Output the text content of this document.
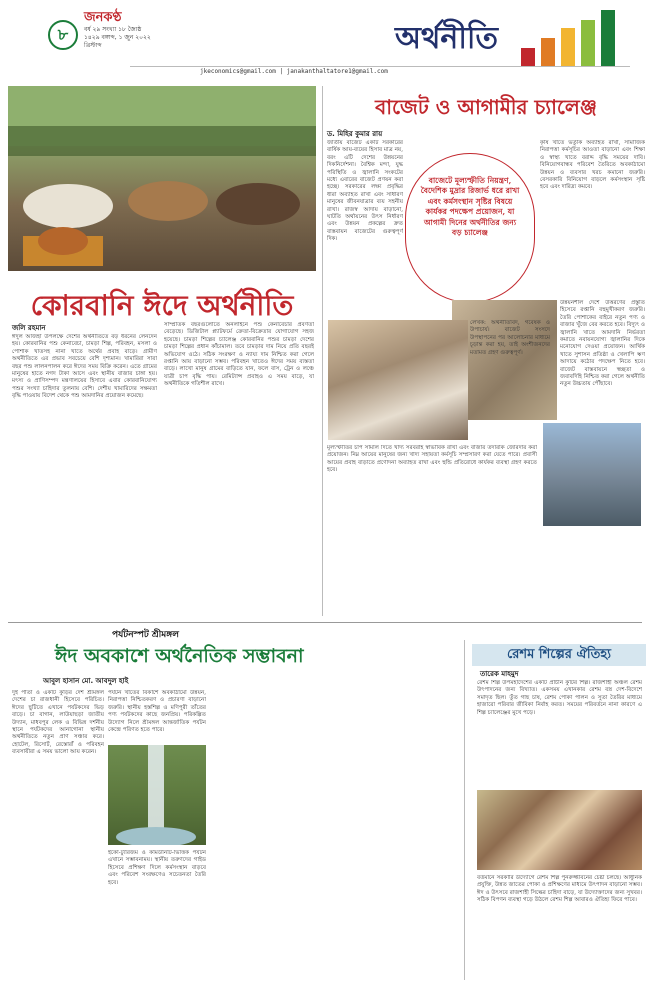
৮
জনকণ্ঠ
বর্ষ ২৯ সংখ্যা ১৮ জ্যৈষ্ঠ ১৪২৯ বঙ্গাব্দ, ১ জুন ২০২২ খ্রিস্টাব্দ	অর্থনীতি
jkeconomics@gmail.com | janakanthaltatore1@gmail.com
কোরবানি ঈদে অর্থনীতি
জলি রহমান
ঈদুল আজহা উপলক্ষে দেশের অর্থনীতিতে বড় ধরনের লেনদেন হয়। কোরবানির পশু কেনাবেচা, চামড়া শিল্প, পরিবহন, মসলা ও পোশাক খাতসহ নানা খাতে অর্থের প্রবাহ বাড়ে। গ্রামীণ অর্থনীতিতে এর প্রভাব সবচেয়ে বেশি দৃশ্যমান। খামারিরা সারা বছর পশু লালনপালন করে ঈদের সময় বিক্রি করেন। এতে গ্রামের মানুষের হাতে নগদ টাকা আসে এবং স্থানীয় বাজার চাঙ্গা হয়। মৎস্য ও প্রাণিসম্পদ মন্ত্রণালয়ের হিসাবে এবার কোরবানিযোগ্য পশুর সংখ্যা চাহিদার তুলনায় বেশি। দেশীয় খামারিদের সক্ষমতা বৃদ্ধি পাওয়ায় বিদেশ থেকে পশু আমদানির প্রয়োজন কমেছে।
সাম্প্রতিক বছরগুলোতে অনলাইনে পশু কেনাবেচার প্রবণতা বেড়েছে। ডিজিটাল প্ল্যাটফর্মে ক্রেতা-বিক্রেতার যোগাযোগ সহজ হয়েছে। চামড়া শিল্পের চ্যালেঞ্জ কোরবানির পশুর চামড়া দেশের চামড়া শিল্পের প্রধান কাঁচামাল। তবে চামড়ার দাম নিয়ে প্রতি বছরই অভিযোগ ওঠে। সঠিক সংরক্ষণ ও ন্যায্য দাম নিশ্চিত করা গেলে রপ্তানি আয় বাড়ানো সম্ভব। পরিবহন খাতেও ঈদের সময় ব্যস্ততা বাড়ে। লাখো মানুষ গ্রামের বাড়িতে যান, ফলে বাস, ট্রেন ও লঞ্চে যাত্রী চাপ বৃদ্ধি পায়। রেমিট্যান্স প্রবাহও এ সময় বাড়ে, যা অর্থনীতিকে গতিশীল রাখে।
বাজেট ও আগামীর চ্যালেঞ্জ
ড. মিহির কুমার রায়
জাতীয় বাজেট একটি সরকারের বার্ষিক আয়-ব্যয়ের হিসাব মাত্র নয়, বরং এটি দেশের উন্নয়নের দিকনির্দেশনা। বৈশ্বিক মন্দা, যুদ্ধ পরিস্থিতি ও জ্বালানি সংকটের মধ্যে এবারের বাজেট প্রণয়ন করা হচ্ছে। সরকারের লক্ষ্য প্রবৃদ্ধির ধারা অব্যাহত রাখা এবং সাধারণ মানুষের জীবনযাত্রার ব্যয় সহনীয় রাখা। রাজস্ব আদায় বাড়ানো, ঘাটতি অর্থায়নের উৎস নির্ধারণ এবং উন্নয়ন প্রকল্পের দ্রুত বাস্তবায়ন বাজেটের গুরুত্বপূর্ণ দিক।
বাজেটে মূল্যস্ফীতি নিয়ন্ত্রণ, বৈদেশিক মুদ্রার রিজার্ভ ধরে রাখা এবং কর্মসংস্থান সৃষ্টির বিষয়ে কার্যকর পদক্ষেপ প্রয়োজন, যা আগামী দিনের অর্থনীতির জন্য বড় চ্যালেঞ্জ
কৃষি খাতে ভর্তুকি অব্যাহত রাখা, সামাজিক নিরাপত্তা কর্মসূচির আওতা বাড়ানো এবং শিক্ষা ও স্বাস্থ্য খাতে বরাদ্দ বৃদ্ধি সময়ের দাবি। বিনিয়োগবান্ধব পরিবেশ তৈরিতে অবকাঠামো উন্নয়ন ও ব্যবসার খরচ কমানো জরুরি। বেসরকারি বিনিয়োগ বাড়লে কর্মসংস্থান সৃষ্টি হবে এবং দারিদ্র্য কমবে।
উন্নয়নশীল দেশে উত্তরণের প্রস্তুতি হিসেবে রপ্তানি বহুমুখীকরণ জরুরি। তৈরি পোশাকের বাইরে নতুন পণ্য ও বাজার খুঁজে বের করতে হবে। বিদ্যুৎ ও জ্বালানি খাতে আমদানি নির্ভরতা কমাতে নবায়নযোগ্য জ্বালানির দিকে মনোযোগ দেওয়া প্রয়োজন। আর্থিক খাতে সুশাসন প্রতিষ্ঠা ও খেলাপি ঋণ আদায়ে কঠোর পদক্ষেপ নিতে হবে। বাজেট বাস্তবায়নে স্বচ্ছতা ও জবাবদিহি নিশ্চিত করা গেলে অর্থনীতি নতুন উচ্চতায় পৌঁছাবে।
মূল্যস্ফীতির চাপ সামাল দিতে খাদ্য সরবরাহ স্বাভাবিক রাখা এবং বাজার তদারকি জোরদার করা প্রয়োজন। নিম্ন আয়ের মানুষের জন্য খাদ্য সহায়তা কর্মসূচি সম্প্রসারণ করা যেতে পারে। প্রবাসী আয়ের প্রবাহ বাড়াতে প্রণোদনা অব্যাহত রাখা এবং হুন্ডি প্রতিরোধে কার্যকর ব্যবস্থা গ্রহণ করতে হবে।
লেখক: অর্থনীতিবিদ, গবেষক ও উপাচার্য। বাজেট সংসদে উপস্থাপনের পর আলোচনার মাধ্যমে চূড়ান্ত করা হয়, তাই অংশীজনদের মতামত গ্রহণ গুরুত্বপূর্ণ।
পর্যটনস্পট শ্রীমঙ্গল
ঈদ অবকাশে অর্থনৈতিক সম্ভাবনা
আবুল হাসান মো. আবদুল হাই
দুই পাতা ও একটি কুঁড়ির দেশ শ্রীমঙ্গল দেশের চা রাজধানী হিসেবে পরিচিত। ঈদের ছুটিতে এখানে পর্যটকদের ভিড় বাড়ে। চা বাগান, লাউয়াছড়া জাতীয় উদ্যান, মাধবপুর লেক ও বিভিন্ন দর্শনীয় স্থানে পর্যটকদের আনাগোনা স্থানীয় অর্থনীতিতে নতুন প্রাণ সঞ্চার করে। হোটেল, রিসোর্ট, রেস্তোরাঁ ও পরিবহন ব্যবসায়ীরা এ সময় ভালো আয় করেন।
পর্যটন খাতের বিকাশে অবকাঠামো উন্নয়ন, নিরাপত্তা নিশ্চিতকরণ ও প্রচারণা বাড়ানো জরুরি। স্থানীয় হস্তশিল্প ও মণিপুরী তাঁতের পণ্য পর্যটকদের কাছে জনপ্রিয়। পরিকল্পিত উদ্যোগ নিলে শ্রীমঙ্গল আন্তর্জাতিক পর্যটন কেন্দ্রে পরিণত হতে পারে।
ইকো-ট্যুরিজম ও কমিউনিটি-ভিত্তিক পর্যটন এখানে সম্ভাবনাময়। স্থানীয় তরুণদের গাইড হিসেবে প্রশিক্ষণ দিলে কর্মসংস্থান বাড়বে এবং পরিবেশ সংরক্ষণেও সচেতনতা তৈরি হবে।
রেশম শিল্পের ঐতিহ্য
তারেক মাহমুদ
রেশম শিল্প উপমহাদেশের একটি প্রাচীন কুটির শিল্প। রাজশাহী অঞ্চল রেশম উৎপাদনের জন্য বিখ্যাত। একসময় এখানকার রেশম বস্ত্র দেশ-বিদেশে সমাদৃত ছিল। তুঁত গাছ চাষ, রেশম পোকা পালন ও সুতা তৈরির মাধ্যমে হাজারো পরিবার জীবিকা নির্বাহ করত। সময়ের পরিবর্তনে নানা কারণে এ শিল্প চ্যালেঞ্জের মুখে পড়ে।
বর্তমানে সরকারি উদ্যোগে রেশম শিল্প পুনরুজ্জীবনের চেষ্টা চলছে। আধুনিক প্রযুক্তি, উন্নত জাতের পোকা ও প্রশিক্ষণের মাধ্যমে উৎপাদন বাড়ানো সম্ভব। ঈদ ও উৎসবে রাজশাহী সিল্কের চাহিদা বাড়ে, যা উদ্যোক্তাদের জন্য সুখবর। সঠিক বিপণন ব্যবস্থা গড়ে উঠলে রেশম শিল্প আবারও ঐতিহ্য ফিরে পাবে।
